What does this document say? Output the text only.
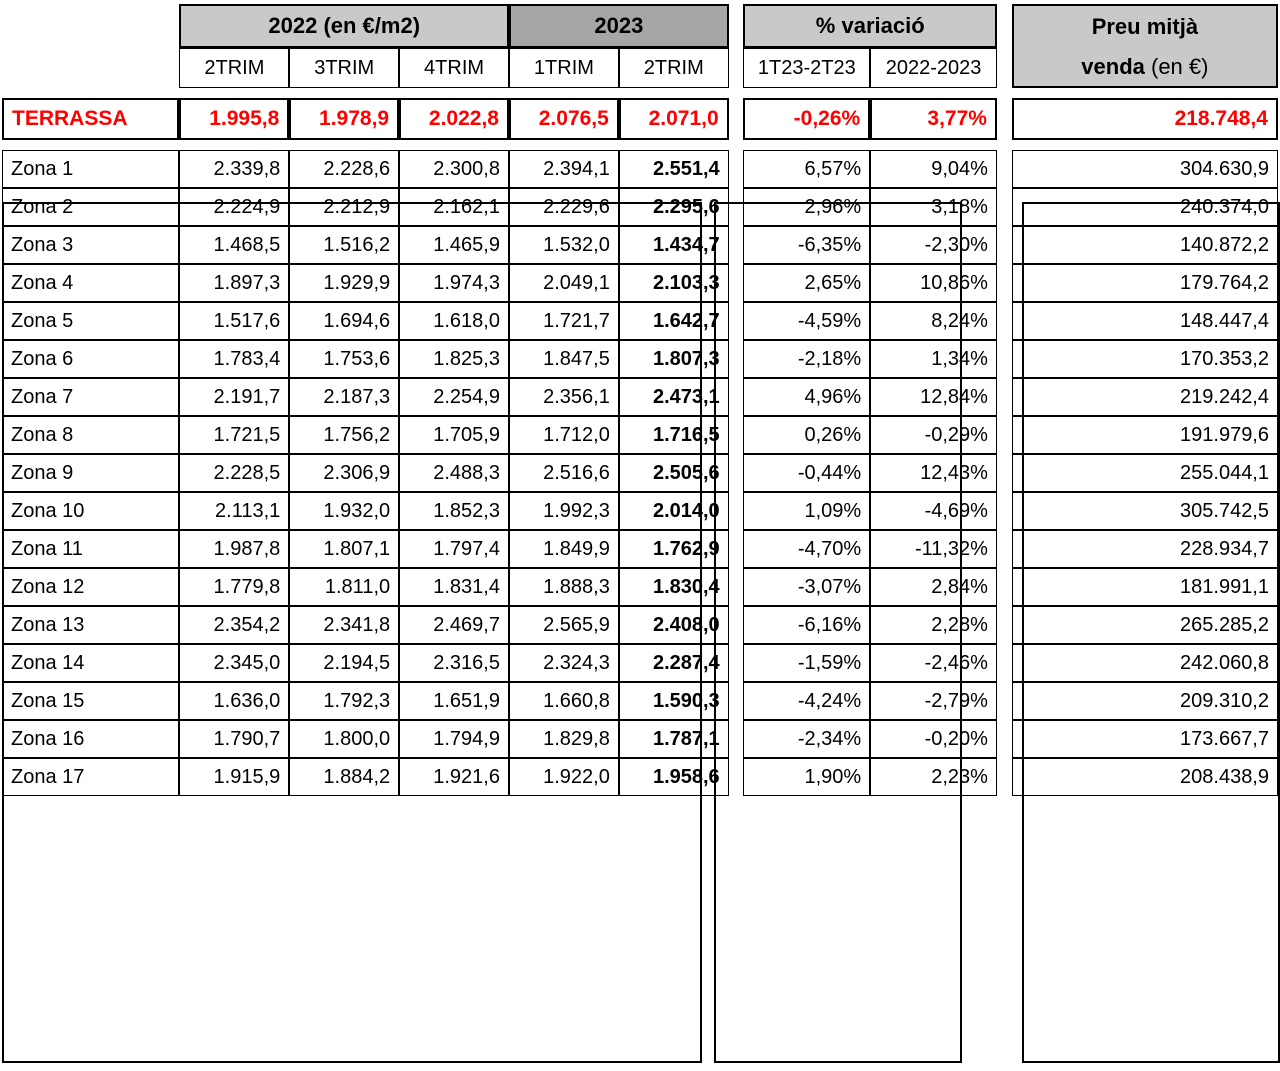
	2022 (en €/m2)			2023			% variació			Preu mitjà
	2TRIM	3TRIM	4TRIM	1TRIM	2TRIM		1T23-2T23	2022-2023		venda (en €)

TERRASSA	1.995,8	1.978,9	2.022,8	2.076,5	2.071,0		-0,26%	3,77%		218.748,4

Zona 1	2.339,8	2.228,6	2.300,8	2.394,1	2.551,4		6,57%	9,04%		304.630,9
Zona 2	2.224,9	2.212,9	2.162,1	2.229,6	2.295,6		2,96%	3,18%		240.374,0
Zona 3	1.468,5	1.516,2	1.465,9	1.532,0	1.434,7		-6,35%	-2,30%		140.872,2
Zona 4	1.897,3	1.929,9	1.974,3	2.049,1	2.103,3		2,65%	10,86%		179.764,2
Zona 5	1.517,6	1.694,6	1.618,0	1.721,7	1.642,7		-4,59%	8,24%		148.447,4
Zona 6	1.783,4	1.753,6	1.825,3	1.847,5	1.807,3		-2,18%	1,34%		170.353,2
Zona 7	2.191,7	2.187,3	2.254,9	2.356,1	2.473,1		4,96%	12,84%		219.242,4
Zona 8	1.721,5	1.756,2	1.705,9	1.712,0	1.716,5		0,26%	-0,29%		191.979,6
Zona 9	2.228,5	2.306,9	2.488,3	2.516,6	2.505,6		-0,44%	12,43%		255.044,1
Zona 10	2.113,1	1.932,0	1.852,3	1.992,3	2.014,0		1,09%	-4,69%		305.742,5
Zona 11	1.987,8	1.807,1	1.797,4	1.849,9	1.762,9		-4,70%	-11,32%		228.934,7
Zona 12	1.779,8	1.811,0	1.831,4	1.888,3	1.830,4		-3,07%	2,84%		181.991,1
Zona 13	2.354,2	2.341,8	2.469,7	2.565,9	2.408,0		-6,16%	2,28%		265.285,2
Zona 14	2.345,0	2.194,5	2.316,5	2.324,3	2.287,4		-1,59%	-2,46%		242.060,8
Zona 15	1.636,0	1.792,3	1.651,9	1.660,8	1.590,3		-4,24%	-2,79%		209.310,2
Zona 16	1.790,7	1.800,0	1.794,9	1.829,8	1.787,1		-2,34%	-0,20%		173.667,7
Zona 17	1.915,9	1.884,2	1.921,6	1.922,0	1.958,6		1,90%	2,23%		208.438,9
